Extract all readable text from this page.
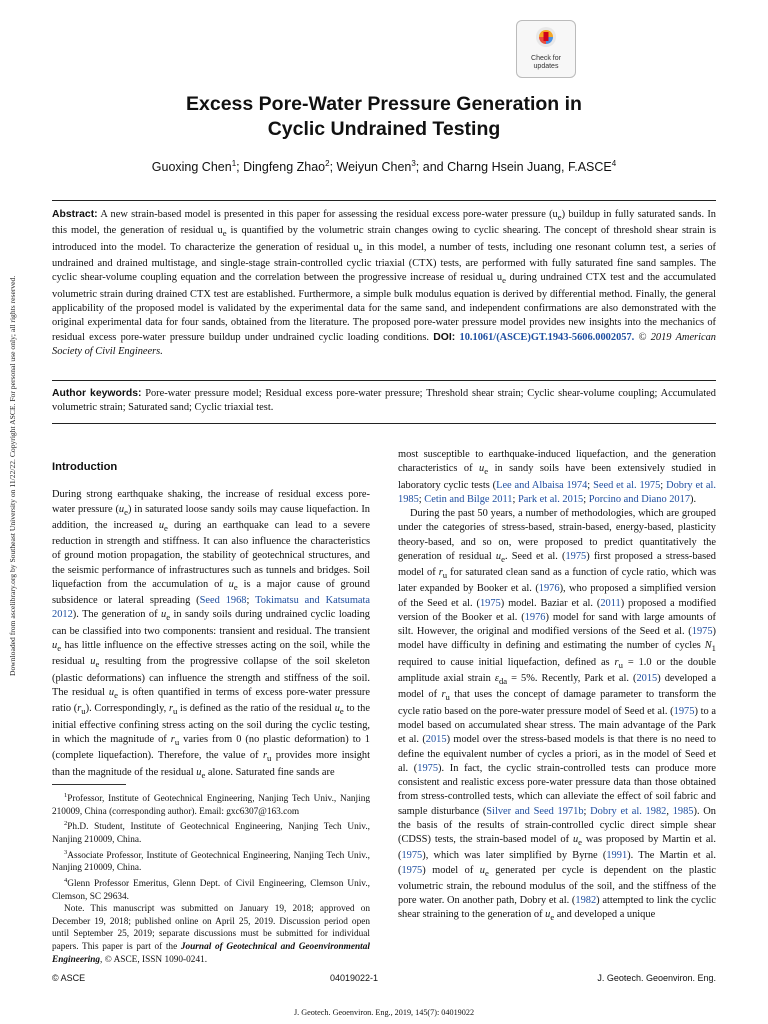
Check for
updates
Excess Pore-Water Pressure Generation in
Cyclic Undrained Testing
Guoxing Chen$^1$; Dingfeng Zhao$^2$; Weiyun Chen$^3$; and Charng Hsein Juang, F.ASCE$^4$
Abstract: A new strain-based model is presented in this paper for assessing the residual excess pore-water pressure $(u_e)$ buildup in fully saturated sands. In this model, the generation of residual $u_e$ is quantified by the volumetric strain changes owing to cyclic shearing. The concept of threshold shear strain is introduced into the model. To characterize the generation of residual $u_e$ in this model, a number of tests, including one resonant column test, a series of undrained and drained multistage, and single-stage strain-controlled cyclic triaxial (CTX) tests, are performed with fully saturated fine sand samples. The cyclic shear-volume coupling equation and the correlation between the progressive increase of residual $u_e$ during undrained CTX test and the accumulated volumetric strain during drained CTX test are established. Furthermore, a simple bulk modulus equation is derived by differential method. Finally, the general applicability of the proposed model is validated by the experimental data for the same sand, and independent confirmations are also demonstrated with the original experimental data for four sands, obtained from the literature. The proposed pore-water pressure model provides new insights into the mechanics of residual excess pore-water pressure buildup under undrained cyclic loading conditions. DOI: 10.1061/(ASCE)GT.1943-5606.0002057. © 2019 American Society of Civil Engineers.
Author keywords: Pore-water pressure model; Residual excess pore-water pressure; Threshold shear strain; Cyclic shear-volume coupling; Accumulated volumetric strain; Saturated sand; Cyclic triaxial test.
Downloaded from ascelibrary.org by Southeast University on 11/22/22. Copyright ASCE. For personal use only; all rights reserved.	Introduction

During strong earthquake shaking, the increase of residual excess pore-water pressure $(u_e)$ in saturated loose sandy soils may cause liquefaction. In addition, the increased $u_e$ during an earthquake can lead to a severe reduction in strength and stiffness. It can also influence the characteristics of ground motion propagation, the stability of geotechnical structures, and the seismic performance of infrastructures such as tunnels and bridges. Soil liquefaction from the accumulation of $u_e$ is a major cause of ground subsidence or lateral spreading (Seed 1968; Tokimatsu and Katsumata 2012). The generation of $u_e$ in sandy soils during undrained cyclic loading can be classified into two components: transient and residual. The transient $u_e$ has little influence on the effective stresses acting on the soil, while the residual $u_e$ resulting from the progressive collapse of the soil skeleton (plastic deformations) can influence the strength and stiffness of the soil. The residual $u_e$ is often quantified in terms of excess pore-water pressure ratio $(r_u)$. Correspondingly, $r_u$ is defined as the ratio of the residual $u_e$ to the initial effective confining stress acting on the soil during the cyclic testing, in which the magnitude of $r_u$ varies from 0 (no plastic deformation) to 1 (complete liquefaction). Therefore, the value of $r_u$ provides more insight than the magnitude of the residual $u_e$ alone. Saturated fine sands are

$^1$Professor, Institute of Geotechnical Engineering, Nanjing Tech Univ., Nanjing 210009, China (corresponding author). Email: gxc6307@163.com

$^2$Ph.D. Student, Institute of Geotechnical Engineering, Nanjing Tech Univ., Nanjing 210009, China.

$^3$Associate Professor, Institute of Geotechnical Engineering, Nanjing Tech Univ., Nanjing 210009, China.

$^4$Glenn Professor Emeritus, Glenn Dept. of Civil Engineering, Clemson Univ., Clemson, SC 29634.

Note. This manuscript was submitted on January 19, 2018; approved on December 19, 2018; published online on April 25, 2019. Discussion period open until September 25, 2019; separate discussions must be submitted for individual papers. This paper is part of the Journal of Geotechnical and Geoenvironmental Engineering, © ASCE, ISSN 1090-0241.

most susceptible to earthquake-induced liquefaction, and the generation characteristics of $u_e$ in sandy soils have been extensively studied in laboratory cyclic tests (Lee and Albaisa 1974; Seed et al. 1975; Dobry et al. 1985; Cetin and Bilge 2011; Park et al. 2015; Porcino and Diano 2017).

During the past 50 years, a number of methodologies, which are grouped under the categories of stress-based, strain-based, energy-based, plasticity theory-based, and so on, were proposed to predict quantitatively the generation of residual $u_e$. Seed et al. (1975) first proposed a stress-based model of $r_u$ for saturated clean sand as a function of cycle ratio, which was later expanded by Booker et al. (1976), who proposed a simplified version of the Seed et al. (1975) model. Baziar et al. (2011) proposed a modified version of the Booker et al. (1976) model for sand with large amounts of silt. However, the original and modified versions of the Seed et al. (1975) model have difficulty in defining and estimating the number of cycles $N_1$ required to cause initial liquefaction, defined as $r_u = 1.0$ or the double amplitude axial strain $\varepsilon_{da} = 5\%$. Recently, Park et al. (2015) developed a model of $r_u$ that uses the concept of damage parameter to transform the cycle ratio based on the pore-water pressure model of Seed et al. (1975) to a model based on accumulated shear stress. The main advantage of the Park et al. (2015) model over the stress-based models is that there is no need to define the equivalent number of cycles a priori, as in the model of Seed et al. (1975). In fact, the cyclic strain-controlled tests can produce more consistent and realistic excess pore-water pressure data than those obtained from stress-controlled tests, which can alleviate the effect of soil fabric and sample disturbance (Silver and Seed 1971b; Dobry et al. 1982, 1985). On the basis of the results of strain-controlled cyclic direct simple shear (CDSS) tests, the strain-based model of $u_e$ was proposed by Martin et al. (1975), which was later simplified by Byrne (1991). The Martin et al. (1975) model of $u_e$ generated per cycle is dependent on the plastic volumetric strain, the rebound modulus of the soil, and the stiffness of the pore water. On another path, Dobry et al. (1982) attempted to link the cyclic shear straining to the generation of $u_e$ and developed a unique

© ASCE	04019022-1	J. Geotech. Geoenviron. Eng.
J. Geotech. Geoenviron. Eng., 2019, 145(7): 04019022
